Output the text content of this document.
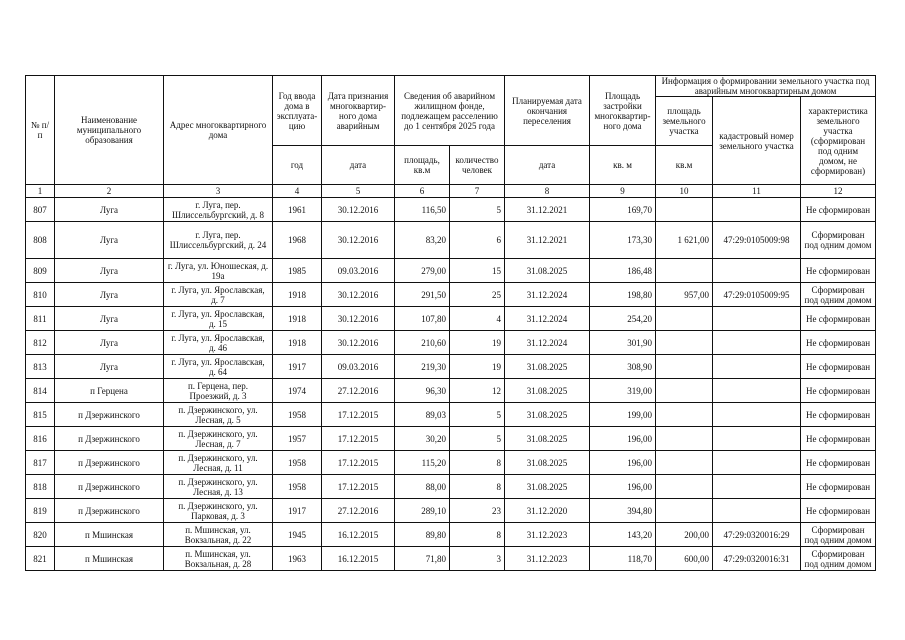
№ п/п	Наименование муниципального образования	Адрес многоквартирного дома	Год ввода дома в эксплуата-цию	Дата признания многоквартир-ного дома аварийным	Сведения об аварийном жилищном фонде, подлежащем расселению до 1 сентября 2025 года		Планируемая дата окончания переселения	Площадь застройки многоквартир-ного дома	Информация о формировании земельного участка под аварийным многоквартирным домом		
									площадь земельного участка	кадастровый номер земельного участка	характеристика земельного участка (сформирован под одним домом, не сформирован)
			год	дата	площадь, кв.м	количество человек	дата	кв. м	кв.м		
1	2	3	4	5	6	7	8	9	10	11	12
807	Луга	г. Луга, пер. Шлиссельбургский, д. 8	1961	30.12.2016	116,50	5	31.12.2021	169,70			Не сформирован
808	Луга	г. Луга, пер. Шлиссельбургский, д. 24	1968	30.12.2016	83,20	6	31.12.2021	173,30	1 621,00	47:29:0105009:98	Сформирован под одним домом
809	Луга	г. Луга, ул. Юношеская, д. 19а	1985	09.03.2016	279,00	15	31.08.2025	186,48			Не сформирован
810	Луга	г. Луга, ул. Ярославская, д. 7	1918	30.12.2016	291,50	25	31.12.2024	198,80	957,00	47:29:0105009:95	Сформирован под одним домом
811	Луга	г. Луга, ул. Ярославская, д. 15	1918	30.12.2016	107,80	4	31.12.2024	254,20			Не сформирован
812	Луга	г. Луга, ул. Ярославская, д. 46	1918	30.12.2016	210,60	19	31.12.2024	301,90			Не сформирован
813	Луга	г. Луга, ул. Ярославская, д. 64	1917	09.03.2016	219,30	19	31.08.2025	308,90			Не сформирован
814	п Герцена	п. Герцена, пер. Проезжий, д. 3	1974	27.12.2016	96,30	12	31.08.2025	319,00			Не сформирован
815	п Дзержинского	п. Дзержинского, ул. Лесная, д. 5	1958	17.12.2015	89,03	5	31.08.2025	199,00			Не сформирован
816	п Дзержинского	п. Дзержинского, ул. Лесная, д. 7	1957	17.12.2015	30,20	5	31.08.2025	196,00			Не сформирован
817	п Дзержинского	п. Дзержинского, ул. Лесная, д. 11	1958	17.12.2015	115,20	8	31.08.2025	196,00			Не сформирован
818	п Дзержинского	п. Дзержинского, ул. Лесная, д. 13	1958	17.12.2015	88,00	8	31.08.2025	196,00			Не сформирован
819	п Дзержинского	п. Дзержинского, ул. Парковая, д. 3	1917	27.12.2016	289,10	23	31.12.2020	394,80			Не сформирован
820	п Мшинская	п. Мшинская, ул. Вокзальная, д. 22	1945	16.12.2015	89,80	8	31.12.2023	143,20	200,00	47:29:0320016:29	Сформирован под одним домом
821	п Мшинская	п. Мшинская, ул. Вокзальная, д. 28	1963	16.12.2015	71,80	3	31.12.2023	118,70	600,00	47:29:0320016:31	Сформирован под одним домом
